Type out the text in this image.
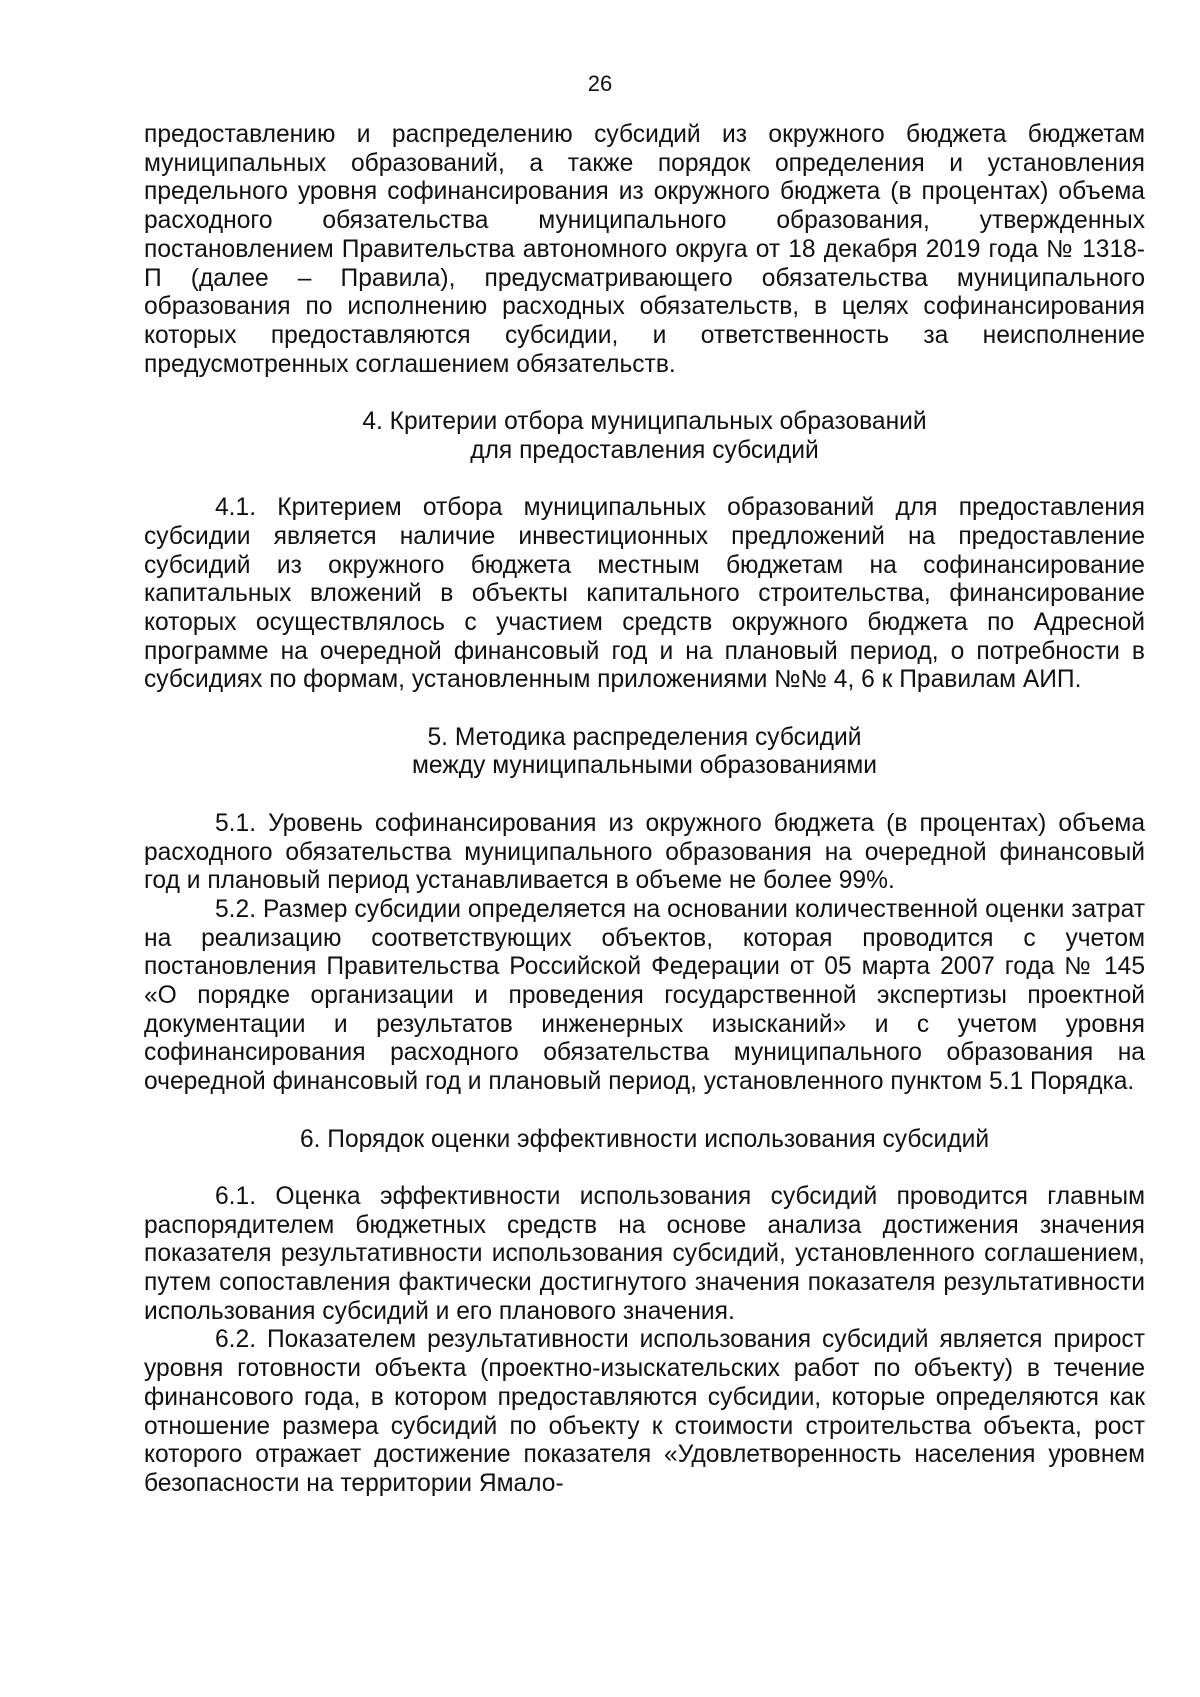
26

предоставлению и распределению субсидий из окружного бюджета бюджетам муниципальных образований, а также порядок определения и установления предельного уровня софинансирования из окружного бюджета (в процентах) объема расходного обязательства муниципального образования, утвержденных постановлением Правительства автономного округа от 18 декабря 2019 года № 1318-П (далее – Правила), предусматривающего обязательства муниципального образования по исполнению расходных обязательств, в целях софинансирования которых предоставляются субсидии, и ответственность за неисполнение предусмотренных соглашением обязательств.

4. Критерии отбора муниципальных образований

для предоставления субсидий

4.1. Критерием отбора муниципальных образований для предоставления субсидии является наличие инвестиционных предложений на предоставление субсидий из окружного бюджета местным бюджетам на софинансирование капитальных вложений в объекты капитального строительства, финансирование которых осуществлялось с участием средств окружного бюджета по Адресной программе на очередной финансовый год и на плановый период, о потребности в субсидиях по формам, установленным приложениями №№ 4, 6 к Правилам АИП.

5. Методика распределения субсидий

между муниципальными образованиями

5.1. Уровень софинансирования из окружного бюджета (в процентах) объема расходного обязательства муниципального образования на очередной финансовый год и плановый период устанавливается в объеме не более 99%.

5.2. Размер субсидии определяется на основании количественной оценки затрат на реализацию соответствующих объектов, которая проводится с учетом постановления Правительства Российской Федерации от 05 марта 2007 года № 145 «О порядке организации и проведения государственной экспертизы проектной документации и результатов инженерных изысканий» и с учетом уровня софинансирования расходного обязательства муниципального образования на очередной финансовый год и плановый период, установленного пунктом 5.1 Порядка.

6. Порядок оценки эффективности использования субсидий

6.1. Оценка эффективности использования субсидий проводится главным распорядителем бюджетных средств на основе анализа достижения значения показателя результативности использования субсидий, установленного соглашением, путем сопоставления фактически достигнутого значения показателя результативности использования субсидий и его планового значения.

6.2. Показателем результативности использования субсидий является прирост уровня готовности объекта (проектно-изыскательских работ по объекту) в течение финансового года, в котором предоставляются субсидии, которые определяются как отношение размера субсидий по объекту к стоимости строительства объекта, рост которого отражает достижение показателя «Удовлетворенность населения уровнем безопасности на территории Ямало-
